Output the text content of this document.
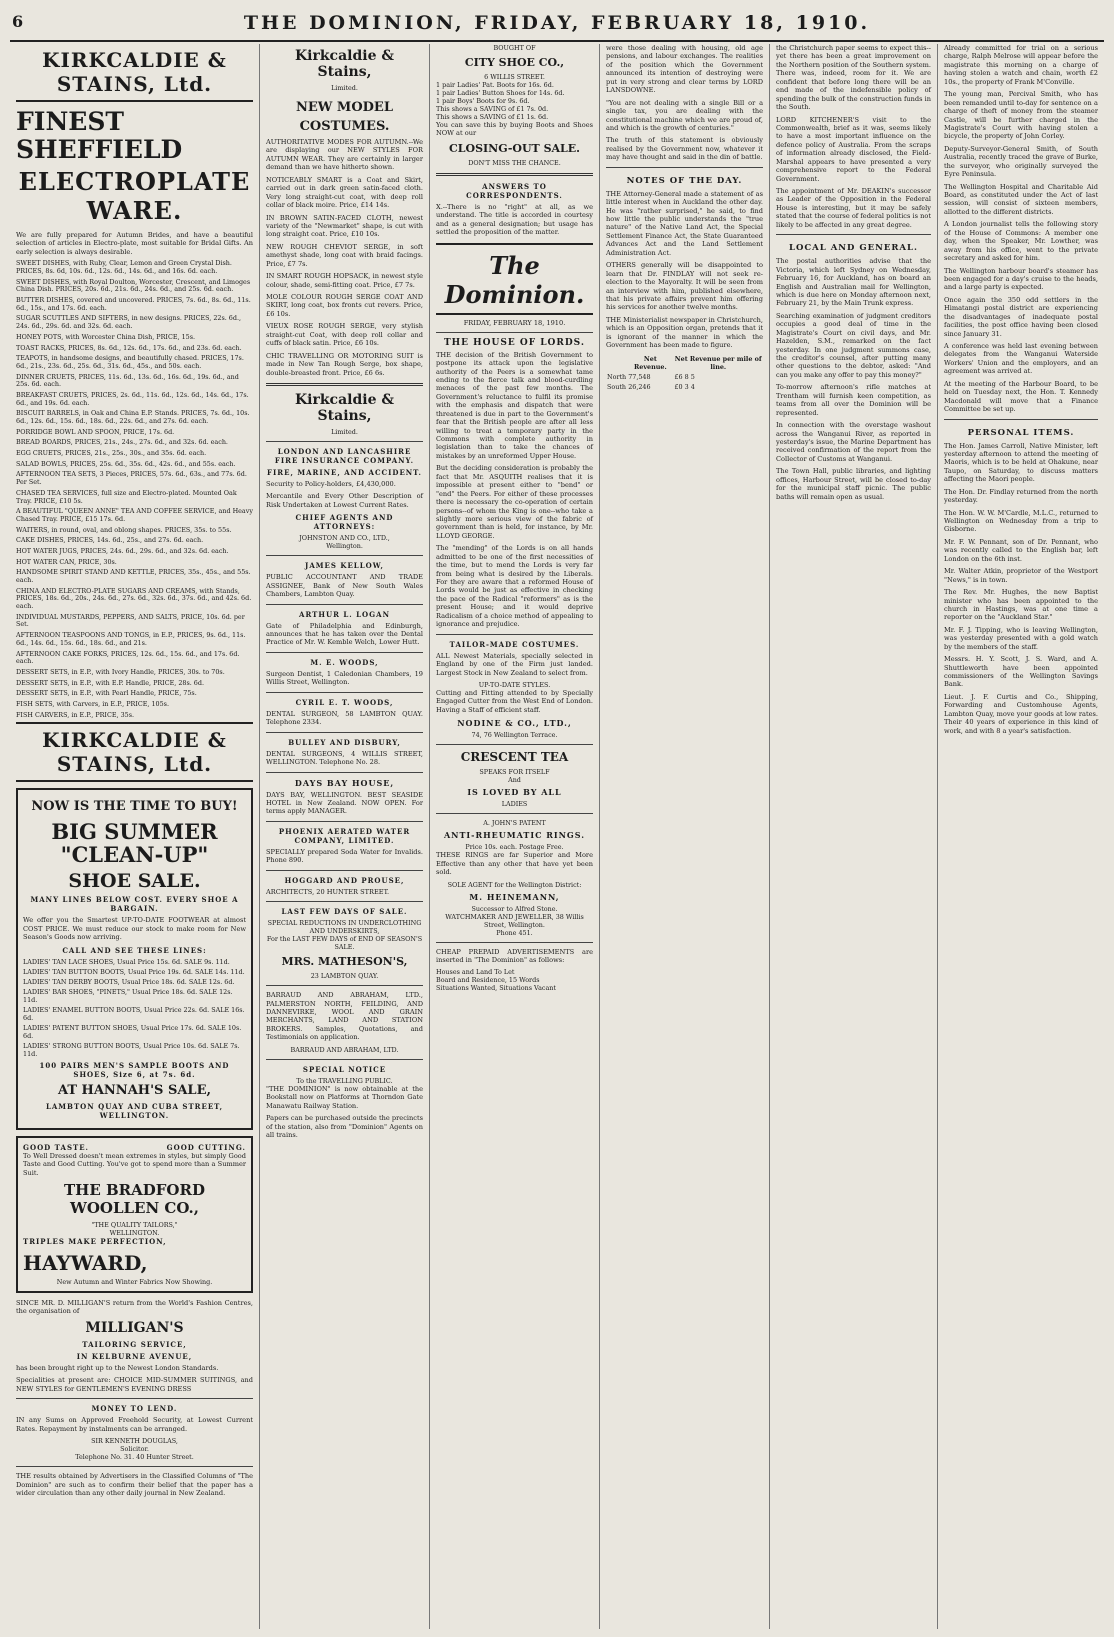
6	THE DOMINION, FRIDAY, FEBRUARY 18, 1910.
KIRKCALDIE & STAINS, Ltd.
FINEST SHEFFIELD
ELECTROPLATE WARE.

We are fully prepared for Autumn Brides, and have a beautiful selection of articles in Electro-plate, most suitable for Bridal Gifts. An early selection is always desirable.

SWEET DISHES, with Ruby, Clear, Lemon and Green Crystal Dish. PRICES, 8s. 6d, 10s. 6d., 12s. 6d., 14s. 6d., and 16s. 6d. each.

SWEET DISHES, with Royal Doulton, Worcester, Crescent, and Limoges China Dish. PRICES, 20s. 6d., 21s. 6d., 24s. 6d., and 25s. 6d. each.

BUTTER DISHES, covered and uncovered. PRICES, 7s. 6d., 8s. 6d., 11s. 6d., 15s., and 17s. 6d. each.

SUGAR SCUTTLES AND SIFTERS, in new designs. PRICES, 22s. 6d., 24s. 6d., 29s. 6d. and 32s. 6d. each.

HONEY POTS, with Worcester China Dish, PRICE, 15s.

TOAST RACKS, PRICES, 8s. 6d., 12s. 6d., 17s. 6d., and 23s. 6d. each.

TEAPOTS, in handsome designs, and beautifully chased. PRICES, 17s. 6d., 21s., 23s. 6d., 25s. 6d., 31s. 6d., 45s., and 50s. each.

DINNER CRUETS, PRICES, 11s. 6d., 13s. 6d., 16s. 6d., 19s. 6d., and 25s. 6d. each.

BREAKFAST CRUETS, PRICES, 2s. 6d., 11s. 6d., 12s. 6d., 14s. 6d., 17s. 6d., and 19s. 6d. each.

BISCUIT BARRELS, in Oak and China E.P. Stands. PRICES, 7s. 6d., 10s. 6d., 12s. 6d., 15s. 6d., 18s. 6d., 22s. 6d., and 27s. 6d. each.

PORRIDGE BOWL AND SPOON, PRICE, 17s. 6d.

BREAD BOARDS, PRICES, 21s., 24s., 27s. 6d., and 32s. 6d. each.

EGG CRUETS, PRICES, 21s., 25s., 30s., and 35s. 6d. each.

SALAD BOWLS, PRICES, 25s. 6d., 35s. 6d., 42s. 6d., and 55s. each.

AFTERNOON TEA SETS, 3 Pieces, PRICES, 57s. 6d., 63s., and 77s. 6d. Per Set.

CHASED TEA SERVICES, full size and Electro-plated. Mounted Oak Tray. PRICE, £10 5s.

A BEAUTIFUL "QUEEN ANNE" TEA AND COFFEE SERVICE, and Heavy Chased Tray. PRICE, £15 17s. 6d.

WAITERS, in round, oval, and oblong shapes. PRICES, 35s. to 55s.

CAKE DISHES, PRICES, 14s. 6d., 25s., and 27s. 6d. each.

HOT WATER JUGS, PRICES, 24s. 6d., 29s. 6d., and 32s. 6d. each.

HOT WATER CAN, PRICE, 30s.

HANDSOME SPIRIT STAND AND KETTLE, PRICES, 35s., 45s., and 55s. each.

CHINA AND ELECTRO-PLATE SUGARS AND CREAMS, with Stands, PRICES, 18s. 6d., 20s., 24s. 6d., 27s. 6d., 32s. 6d., 37s. 6d., and 42s. 6d. each.

INDIVIDUAL MUSTARDS, PEPPERS, AND SALTS, PRICE, 10s. 6d. per Set.

AFTERNOON TEASPOONS AND TONGS, in E.P., PRICES, 9s. 6d., 11s. 6d., 14s. 6d., 15s. 6d., 18s. 6d., and 21s.

AFTERNOON CAKE FORKS, PRICES, 12s. 6d., 15s. 6d., and 17s. 6d. each.

DESSERT SETS, in E.P., with Ivory Handle, PRICES, 30s. to 70s.

DESSERT SETS, in E.P., with E.P. Handle, PRICE, 28s. 6d.

DESSERT SETS, in E.P., with Pearl Handle, PRICE, 75s.

FISH SETS, with Carvers, in E.P., PRICE, 105s.

FISH CARVERS, in E.P., PRICE, 35s.

KIRKCALDIE & STAINS, Ltd.
NOW IS THE TIME TO BUY!
BIG SUMMER "CLEAN-UP"
SHOE SALE.
MANY LINES BELOW COST. EVERY SHOE A BARGAIN.

We offer you the Smartest UP-TO-DATE FOOTWEAR at almost COST PRICE. We must reduce our stock to make room for New Season's Goods now arriving.

CALL AND SEE THESE LINES:

LADIES' TAN LACE SHOES, Usual Price 15s. 6d. SALE 9s. 11d.

LADIES' TAN BUTTON BOOTS, Usual Price 19s. 6d. SALE 14s. 11d.

LADIES' TAN DERBY BOOTS, Usual Price 18s. 6d. SALE 12s. 6d.

LADIES' BAR SHOES, "PINETS," Usual Price 18s. 6d. SALE 12s. 11d.

LADIES' ENAMEL BUTTON BOOTS, Usual Price 22s. 6d. SALE 16s. 6d.

LADIES' PATENT BUTTON SHOES, Usual Price 17s. 6d. SALE 10s. 6d.

LADIES' STRONG BUTTON BOOTS, Usual Price 10s. 6d. SALE 7s. 11d.

100 PAIRS MEN'S SAMPLE BOOTS AND SHOES, Size 6, at 7s. 6d.
AT HANNAH'S SALE,
LAMBTON QUAY AND CUBA STREET, WELLINGTON.
GOOD TASTE.	GOOD CUTTING.

To Well Dressed doesn't mean extremes in styles, but simply Good Taste and Good Cutting. You've got to spend more than a Summer Suit.

THE BRADFORD WOOLLEN CO.,
"THE QUALITY TAILORS,"
WELLINGTON.
TRIPLES MAKE PERFECTION,
HAYWARD,
New Autumn and Winter Fabrics Now Showing.

SINCE MR. D. MILLIGAN'S return from the World's Fashion Centres, the organisation of

MILLIGAN'S
TAILORING SERVICE,
IN KELBURNE AVENUE,

has been brought right up to the Newest London Standards.

Specialities at present are: CHOICE MID-SUMMER SUITINGS, and NEW STYLES for GENTLEMEN'S EVENING DRESS

MONEY TO LEND.

IN any Sums on Approved Freehold Security, at Lowest Current Rates. Repayment by instalments can be arranged.

SIR KENNETH DOUGLAS,
Solicitor.
Telephone No. 31. 40 Hunter Street.

THE results obtained by Advertisers in the Classified Columns of "The Dominion" are such as to confirm their belief that the paper has a wider circulation than any other daily journal in New Zealand.

Kirkcaldie & Stains,
Limited.
NEW MODEL
COSTUMES.

AUTHORITATIVE MODES FOR AUTUMN.--We are displaying our NEW STYLES FOR AUTUMN WEAR. They are certainly in larger demand than we have hitherto shown.

NOTICEABLY SMART is a Coat and Skirt, carried out in dark green satin-faced cloth. Very long straight-cut coat, with deep roll collar of black moire. Price, £14 14s.

IN BROWN SATIN-FACED CLOTH, newest variety of the "Newmarket" shape, is cut with long straight coat. Price, £10 10s.

NEW ROUGH CHEVIOT SERGE, in soft amethyst shade, long coat with braid facings. Price, £7 7s.

IN SMART ROUGH HOPSACK, in newest style colour, shade, semi-fitting coat. Price, £7 7s.

MOLE COLOUR ROUGH SERGE COAT AND SKIRT, long coat, box fronts cut revers. Price, £6 10s.

VIEUX ROSE ROUGH SERGE, very stylish straight-cut Coat, with deep roll collar and cuffs of black satin. Price, £6 10s.

CHIC TRAVELLING OR MOTORING SUIT is made in New Tan Rough Serge, box shape, double-breasted front. Price, £6 6s.

Kirkcaldie & Stains,
Limited.
LONDON AND LANCASHIRE FIRE INSURANCE COMPANY.
FIRE, MARINE, AND ACCIDENT.

Security to Policy-holders, £4,430,000.

Mercantile and Every Other Description of Risk Undertaken at Lowest Current Rates.

CHIEF AGENTS AND ATTORNEYS:
JOHNSTON AND CO., LTD.,
Wellington.
JAMES KELLOW,

PUBLIC ACCOUNTANT AND TRADE ASSIGNEE, Bank of New South Wales Chambers, Lambton Quay.

ARTHUR L. LOGAN

Gate of Philadelphia and Edinburgh, announces that he has taken over the Dental Practice of Mr. W. Kemble Welch, Lower Hutt.

M. E. WOODS,

Surgeon Dentist, 1 Caledonian Chambers, 19 Willis Street, Wellington.

CYRIL E. T. WOODS,

DENTAL SURGEON, 58 LAMBTON QUAY. Telephone 2334.

BULLEY AND DISBURY,

DENTAL SURGEONS, 4 WILLIS STREET, WELLINGTON. Telephone No. 28.

DAYS BAY HOUSE,

DAYS BAY, WELLINGTON. BEST SEASIDE HOTEL in New Zealand. NOW OPEN. For terms apply MANAGER.

PHOENIX AERATED WATER COMPANY, LIMITED.

SPECIALLY prepared Soda Water for Invalids. Phone 890.

HOGGARD AND PROUSE,

ARCHITECTS, 20 HUNTER STREET.

LAST FEW DAYS OF SALE.
SPECIAL REDUCTIONS IN UNDERCLOTHING AND UNDERSKIRTS,
For the LAST FEW DAYS of END OF SEASON'S SALE.
MRS. MATHESON'S,
23 LAMBTON QUAY.

BARRAUD AND ABRAHAM, LTD., PALMERSTON NORTH, FEILDING, AND DANNEVIRKE, WOOL AND GRAIN MERCHANTS, LAND AND STATION BROKERS. Samples, Quotations, and Testimonials on application.

BARRAUD AND ABRAHAM, LTD.
SPECIAL NOTICE
To the TRAVELLING PUBLIC.

"THE DOMINION" is now obtainable at the Bookstall now on Platforms at Thorndon Gate Manawatu Railway Station.

Papers can be purchased outside the precincts of the station, also from "Dominion" Agents on all trains.

BOUGHT OF
CITY SHOE CO.,
6 WILLIS STREET.
1 pair Ladies' Pat. Boots for 16s. 6d.
1 pair Ladies' Button Shoes for 14s. 6d.
1 pair Boys' Boots for 9s. 6d.
This shows a SAVING of £1 7s. 0d.
This shows a SAVING of £1 1s. 6d.

You can save this by buying Boots and Shoes NOW at our

CLOSING-OUT SALE.
DON'T MISS THE CHANCE.
ANSWERS TO CORRESPONDENTS.

X.--There is no "right" at all, as we understand. The title is accorded in courtesy and as a general designation; but usage has settled the proposition of the matter.

The Dominion.
FRIDAY, FEBRUARY 18, 1910.
THE HOUSE OF LORDS.

THE decision of the British Government to postpone its attack upon the legislative authority of the Peers is a somewhat tame ending to the fierce talk and blood-curdling menaces of the past few months. The Government's reluctance to fulfil its promise with the emphasis and dispatch that were threatened is due in part to the Government's fear that the British people are after all less willing to treat a temporary party in the Commons with complete authority in legislation than to take the chances of mistakes by an unreformed Upper House.

But the deciding consideration is probably the fact that Mr. ASQUITH realises that it is impossible at present either to "bend" or "end" the Peers. For either of these processes there is necessary the co-operation of certain persons--of whom the King is one--who take a slightly more serious view of the fabric of government than is held, for instance, by Mr. LLOYD GEORGE.

The "mending" of the Lords is on all hands admitted to be one of the first necessities of the time, but to mend the Lords is very far from being what is desired by the Liberals. For they are aware that a reformed House of Lords would be just as effective in checking the pace of the Radical "reformers" as is the present House; and it would deprive Radicalism of a choice method of appealing to ignorance and prejudice.

TAILOR-MADE COSTUMES.

ALL Newest Materials, specially selected in England by one of the Firm just landed. Largest Stock in New Zealand to select from.

UP-TO-DATE STYLES.

Cutting and Fitting attended to by Specially Engaged Cutter from the West End of London. Having a Staff of efficient staff.

NODINE & CO., LTD.,
74, 76 Wellington Terrace.
CRESCENT TEA
SPEAKS FOR ITSELF
And
IS LOVED BY ALL
LADIES
A. JOHN'S PATENT
ANTI-RHEUMATIC RINGS.
Price 10s. each. Postage Free.

THESE RINGS are far Superior and More Effective than any other that have yet been sold.

SOLE AGENT for the Wellington District:
M. HEINEMANN,
Successor to Alfred Stone.
WATCHMAKER AND JEWELLER, 38 Willis Street, Wellington.
Phone 451.

CHEAP PREPAID ADVERTISEMENTS are inserted in "The Dominion" as follows:

Houses and Land To Let
Board and Residence, 15 Words
Situations Wanted, Situations Vacant

were those dealing with housing, old age pensions, and labour exchanges. The realities of the position which the Government announced its intention of destroying were put in very strong and clear terms by LORD LANSDOWNE.

"You are not dealing with a single Bill or a single tax, you are dealing with the constitutional machine which we are proud of, and which is the growth of centuries."

The truth of this statement is obviously realised by the Government now, whatever it may have thought and said in the din of battle.

NOTES OF THE DAY.

THE Attorney-General made a statement of as little interest when in Auckland the other day. He was "rather surprised," he said, to find how little the public understands the "true nature" of the Native Land Act, the Special Settlement Finance Act, the State Guaranteed Advances Act and the Land Settlement Administration Act.

OTHERS generally will be disappointed to learn that Dr. FINDLAY will not seek re-election to the Mayoralty. It will be seen from an interview with him, published elsewhere, that his private affairs prevent him offering his services for another twelve months.

THE Ministerialist newspaper in Christchurch, which is an Opposition organ, pretends that it is ignorant of the manner in which the Government has been made to figure.

	Net Revenue.	Net Revenue per mile of line.
North	77,548	£6 8 5
South	26,246	£0 3 4

the Christchurch paper seems to expect this--yet there has been a great improvement on the Northern position of the Southern system. There was, indeed, room for it. We are confident that before long there will be an end made of the indefensible policy of spending the bulk of the construction funds in the South.

LORD KITCHENER'S visit to the Commonwealth, brief as it was, seems likely to have a most important influence on the defence policy of Australia. From the scraps of information already disclosed, the Field-Marshal appears to have presented a very comprehensive report to the Federal Government.

The appointment of Mr. DEAKIN's successor as Leader of the Opposition in the Federal House is interesting, but it may be safely stated that the course of federal politics is not likely to be affected in any great degree.

LOCAL AND GENERAL.

The postal authorities advise that the Victoria, which left Sydney on Wednesday, February 16, for Auckland, has on board an English and Australian mail for Wellington, which is due here on Monday afternoon next, February 21, by the Main Trunk express.

Searching examination of judgment creditors occupies a good deal of time in the Magistrate's Court on civil days, and Mr. Hazelden, S.M., remarked on the fact yesterday. In one judgment summons case, the creditor's counsel, after putting many other questions to the debtor, asked: "And can you make any offer to pay this money?"

To-morrow afternoon's rifle matches at Trentham will furnish keen competition, as teams from all over the Dominion will be represented.

In connection with the overstage washout across the Wanganui River, as reported in yesterday's issue, the Marine Department has received confirmation of the report from the Collector of Customs at Wanganui.

The Town Hall, public libraries, and lighting offices, Harbour Street, will be closed to-day for the municipal staff picnic. The public baths will remain open as usual.

Already committed for trial on a serious charge, Ralph Melrose will appear before the magistrate this morning on a charge of having stolen a watch and chain, worth £2 10s., the property of Frank M'Conville.

The young man, Percival Smith, who has been remanded until to-day for sentence on a charge of theft of money from the steamer Castle, will be further charged in the Magistrate's Court with having stolen a bicycle, the property of John Corley.

Deputy-Surveyor-General Smith, of South Australia, recently traced the grave of Burke, the surveyor, who originally surveyed the Eyre Peninsula.

The Wellington Hospital and Charitable Aid Board, as constituted under the Act of last session, will consist of sixteen members, allotted to the different districts.

A London journalist tells the following story of the House of Commons: A member one day, when the Speaker, Mr. Lowther, was away from his office, went to the private secretary and asked for him.

The Wellington harbour board's steamer has been engaged for a day's cruise to the heads, and a large party is expected.

Once again the 350 odd settlers in the Himatangi postal district are experiencing the disadvantages of inadequate postal facilities, the post office having been closed since January 31.

A conference was held last evening between delegates from the Wanganui Waterside Workers' Union and the employers, and an agreement was arrived at.

At the meeting of the Harbour Board, to be held on Tuesday next, the Hon. T. Kennedy Macdonald will move that a Finance Committee be set up.

PERSONAL ITEMS.

The Hon. James Carroll, Native Minister, left yesterday afternoon to attend the meeting of Maoris, which is to be held at Ohakune, near Taupo, on Saturday, to discuss matters affecting the Maori people.

The Hon. Dr. Findlay returned from the north yesterday.

The Hon. W. W. M'Cardle, M.L.C., returned to Wellington on Wednesday from a trip to Gisborne.

Mr. F. W. Pennant, son of Dr. Pennant, who was recently called to the English bar, left London on the 6th inst.

Mr. Walter Atkin, proprietor of the Westport "News," is in town.

The Rev. Mr. Hughes, the new Baptist minister who has been appointed to the church in Hastings, was at one time a reporter on the "Auckland Star."

Mr. F. J. Tipping, who is leaving Wellington, was yesterday presented with a gold watch by the members of the staff.

Messrs. H. Y. Scott, J. S. Ward, and A. Shuttleworth have been appointed commissioners of the Wellington Savings Bank.

Lieut. J. F. Curtis and Co., Shipping, Forwarding and Customhouse Agents, Lambton Quay, move your goods at low rates. Their 40 years of experience in this kind of work, and with 8 a year's satisfaction.
